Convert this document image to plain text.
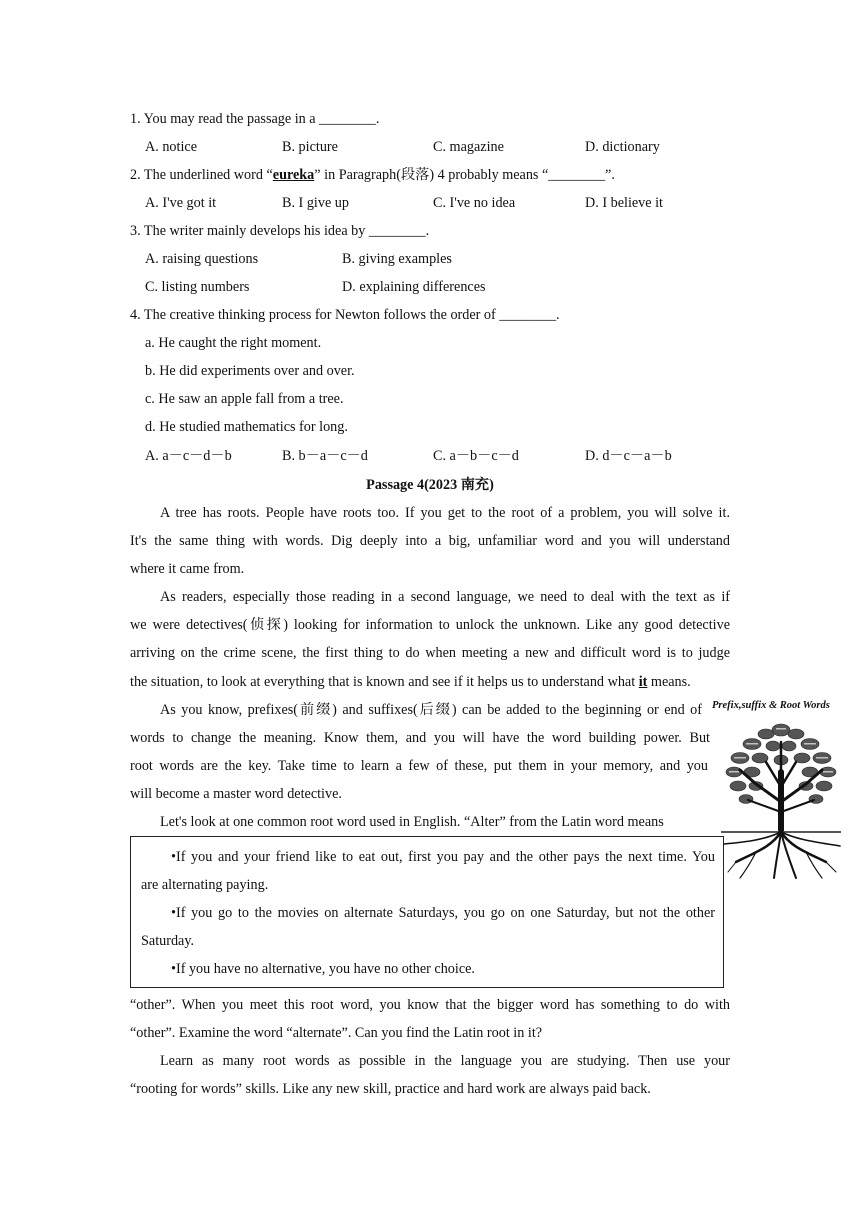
1. You may read the passage in a ________.
A. notice	B. picture	C. magazine	D. dictionary
2. The underlined word “eureka” in Paragraph(段落) 4 probably means “________”.
A. I've got it	B. I give up	C. I've no idea	D. I believe it
3. The writer mainly develops his idea by ________.
A. raising questions	B. giving examples
C. listing numbers	D. explaining differences
4. The creative thinking process for Newton follows the order of ________.
a. He caught the right moment.
b. He did experiments over and over.
c. He saw an apple fall from a tree.
d. He studied mathematics for long.
A. a－c－d－b	B. b－a－c－d	C. a－b－c－d	D. d－c－a－b
Passage 4(2023 南充)
A tree has roots. People have roots too. If you get to the root of a problem, you will solve it.
It's the same thing with words. Dig deeply into a big, unfamiliar word and you will understand
where it came from.
As readers, especially those reading in a second language, we need to deal with the text as if
we were detectives(侦探) looking for information to unlock the unknown. Like any good detective
arriving on the crime scene, the first thing to do when meeting a new and difficult word is to judge
the situation, to look at everything that is known and see if it helps us to understand what it means.
As you know, prefixes(前缀) and suffixes(后缀) can be added to the beginning or end of
words to change the meaning. Know them, and you will have the word building power. But
root words are the key. Take time to learn a few of these, put them in your memory, and you
will become a master word detective.
Let's look at one common root word used in English. “Alter” from the Latin word means
•If you and your friend like to eat out, first you pay and the other pays the next time. You
are alternating paying.
•If you go to the movies on alternate Saturdays, you go on one Saturday, but not the other
Saturday.
•If you have no alternative, you have no other choice.
“other”. When you meet this root word, you know that the bigger word has something to do with
“other”. Examine the word “alternate”. Can you find the Latin root in it?
Learn as many root words as possible in the language you are studying. Then use your
“rooting for words” skills. Like any new skill, practice and hard work are always paid back.
Prefix,suffix & Root Words
